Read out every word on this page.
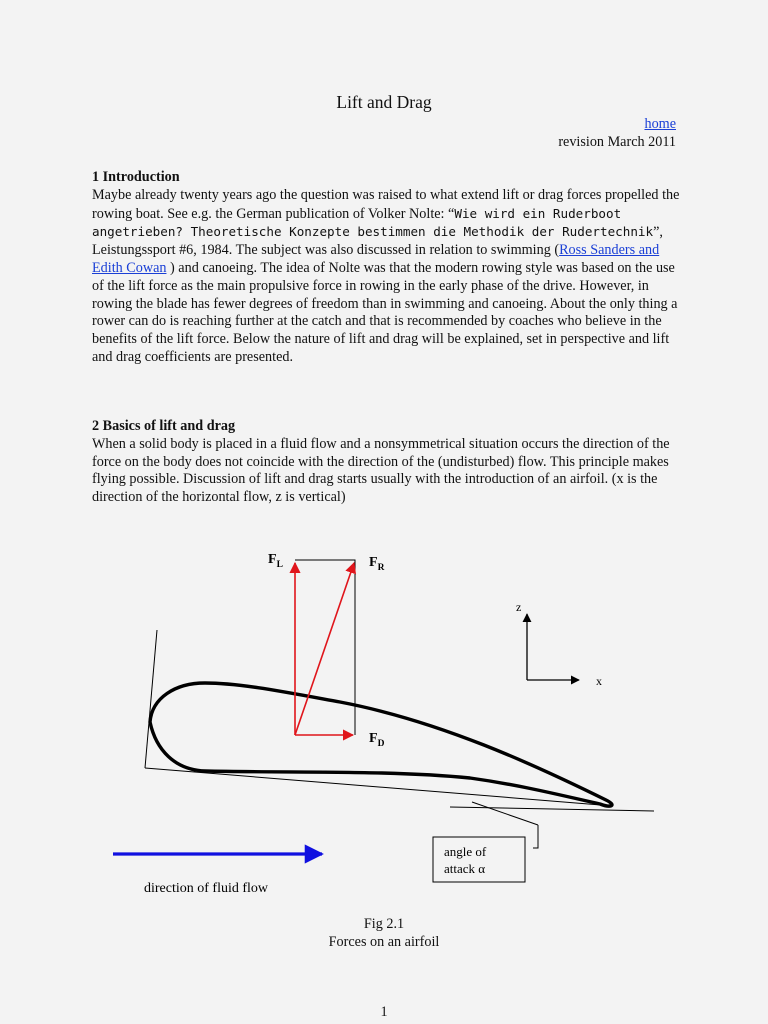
Lift and Drag
home
revision March 2011
1 Introduction

Maybe already twenty years ago the question was raised to what extend lift or drag forces propelled the rowing boat. See e.g. the German publication of Volker Nolte: “Wie wird ein Ruderboot angetrieben? Theoretische Konzepte bestimmen die Methodik der Rudertechnik”, Leistungssport #6, 1984. The subject was also discussed in relation to swimming (Ross Sanders and Edith Cowan ) and canoeing. The idea of Nolte was that the modern rowing style was based on the use of the lift force as the main propulsive force in rowing in the early phase of the drive. However, in rowing the blade has fewer degrees of freedom than in swimming and canoeing. About the only thing a rower can do is reaching further at the catch and that is recommended by coaches who believe in the benefits of the lift force. Below the nature of lift and drag will be explained, set in perspective and lift and drag coefficients are presented.

2 Basics of lift and drag

When a solid body is placed in a fluid flow and a nonsymmetrical situation occurs the direction of the force on the body does not coincide with the direction of the (undisturbed) flow. This principle makes flying possible. Discussion of lift and drag starts usually with the introduction of an airfoil. (x is the direction of the horizontal flow, z is vertical)

$F_L$	$F_R$
$F_D$
z
x
angle of
attack α
direction of fluid flow
Fig 2.1
Forces on an airfoil
1
